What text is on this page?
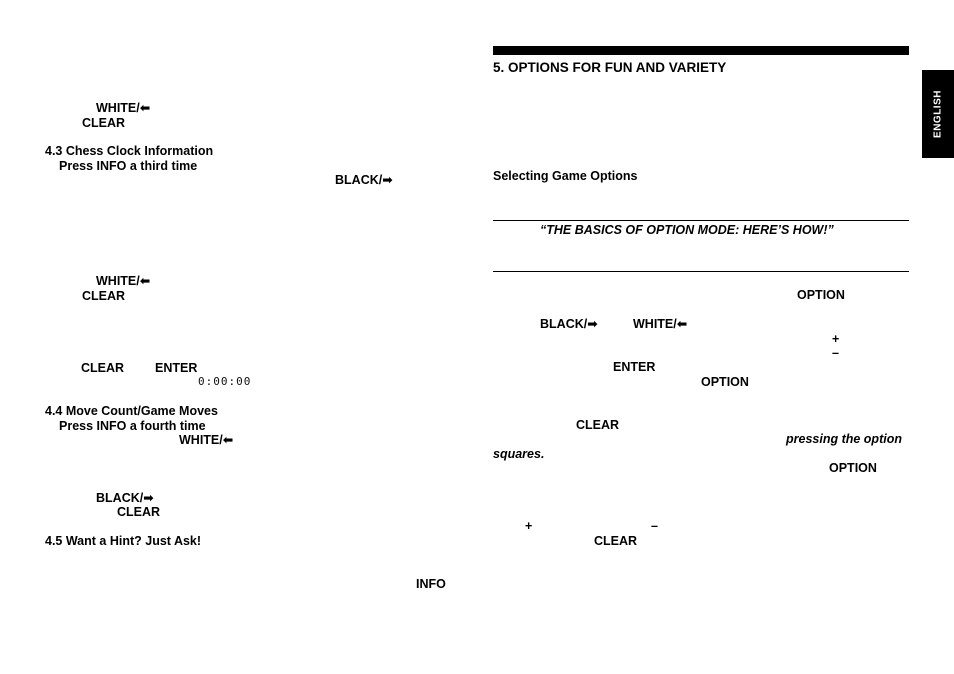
WHITE/⬅
CLEAR
4.3 Chess Clock Information
Press INFO a third time
BLACK/➡
WHITE/⬅
CLEAR
CLEAR ENTER
0:00:00
4.4 Move Count/Game Moves
Press INFO a fourth time
WHITE/⬅
BLACK/➡
CLEAR
4.5 Want a Hint? Just Ask!
INFO
5. OPTIONS FOR FUN AND VARIETY
Selecting Game Options
“THE BASICS OF OPTION MODE: HERE’S HOW!”
OPTION
BLACK/➡	WHITE/⬅
+
–
ENTER
OPTION
CLEAR
pressing the option
squares.
OPTION
+	–
CLEAR
ENGLISH
